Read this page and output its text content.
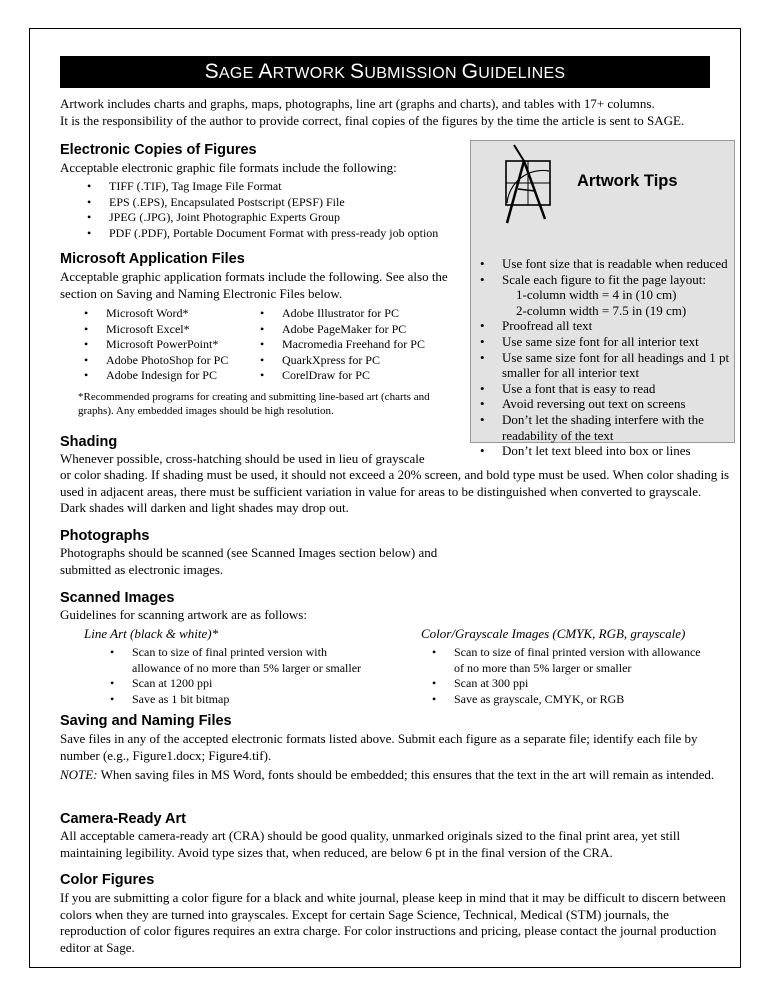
SAGE ARTWORK SUBMISSION GUIDELINES

Artwork includes charts and graphs, maps, photographs, line art (graphs and charts), and tables with 17+ columns.

It is the responsibility of the author to provide correct, final copies of the figures by the time the article is sent to SAGE.

Electronic Copies of Figures

Acceptable electronic graphic file formats include the following:

• TIFF (.TIF), Tag Image File Format
• EPS (.EPS), Encapsulated Postscript (EPSF) File
• JPEG (.JPG), Joint Photographic Experts Group
• PDF (.PDF), Portable Document Format with press-ready job option
Microsoft Application Files

Acceptable graphic application formats include the following. See also the section on Saving and Naming Electronic Files below.

• Microsoft Word*
• Microsoft Excel*
• Microsoft PowerPoint*
• Adobe PhotoShop for PC
• Adobe Indesign for PC
• Adobe Illustrator for PC
• Adobe PageMaker for PC
• Macromedia Freehand for PC
• QuarkXpress for PC
• CorelDraw for PC
*Recommended programs for creating and submitting line-based art (charts and graphs). Any embedded images should be high resolution.
Artwork Tips
• Use font size that is readable when reduced
• Scale each figure to fit the page layout:
1-column width = 4 in (10 cm)
2-column width = 7.5 in (19 cm)
• Proofread all text
• Use same size font for all interior text
• Use same size font for all headings and 1 pt smaller for all interior text
• Use a font that is easy to read
• Avoid reversing out text on screens
• Don’t let the shading interfere with the readability of the text
• Don’t let text bleed into box or lines
Shading

Whenever possible, cross-hatching should be used in lieu of grayscale

or color shading. If shading must be used, it should not exceed a 20% screen, and bold type must be used. When color shading is used in adjacent areas, there must be sufficient variation in value for areas to be distinguished when converted to grayscale. Dark shades will darken and light shades may drop out.

Photographs

Photographs should be scanned (see Scanned Images section below) and submitted as electronic images.

Scanned Images

Guidelines for scanning artwork are as follows:

Line Art (black & white)*
• Scan to size of final printed version with allowance of no more than 5% larger or smaller
• Scan at 1200 ppi
• Save as 1 bit bitmap
Color/Grayscale Images (CMYK, RGB, grayscale)
• Scan to size of final printed version with allowance of no more than 5% larger or smaller
• Scan at 300 ppi
• Save as grayscale, CMYK, or RGB
Saving and Naming Files

Save files in any of the accepted electronic formats listed above. Submit each figure as a separate file; identify each file by number (e.g., Figure1.docx; Figure4.tif).

NOTE: When saving files in MS Word, fonts should be embedded; this ensures that the text in the art will remain as intended.

Camera-Ready Art

All acceptable camera-ready art (CRA) should be good quality, unmarked originals sized to the final print area, yet still maintaining legibility. Avoid type sizes that, when reduced, are below 6 pt in the final version of the CRA.

Color Figures

If you are submitting a color figure for a black and white journal, please keep in mind that it may be difficult to discern between colors when they are turned into grayscales. Except for certain Sage Science, Technical, Medical (STM) journals, the reproduction of color figures requires an extra charge. For color instructions and pricing, please contact the journal production editor at Sage.
